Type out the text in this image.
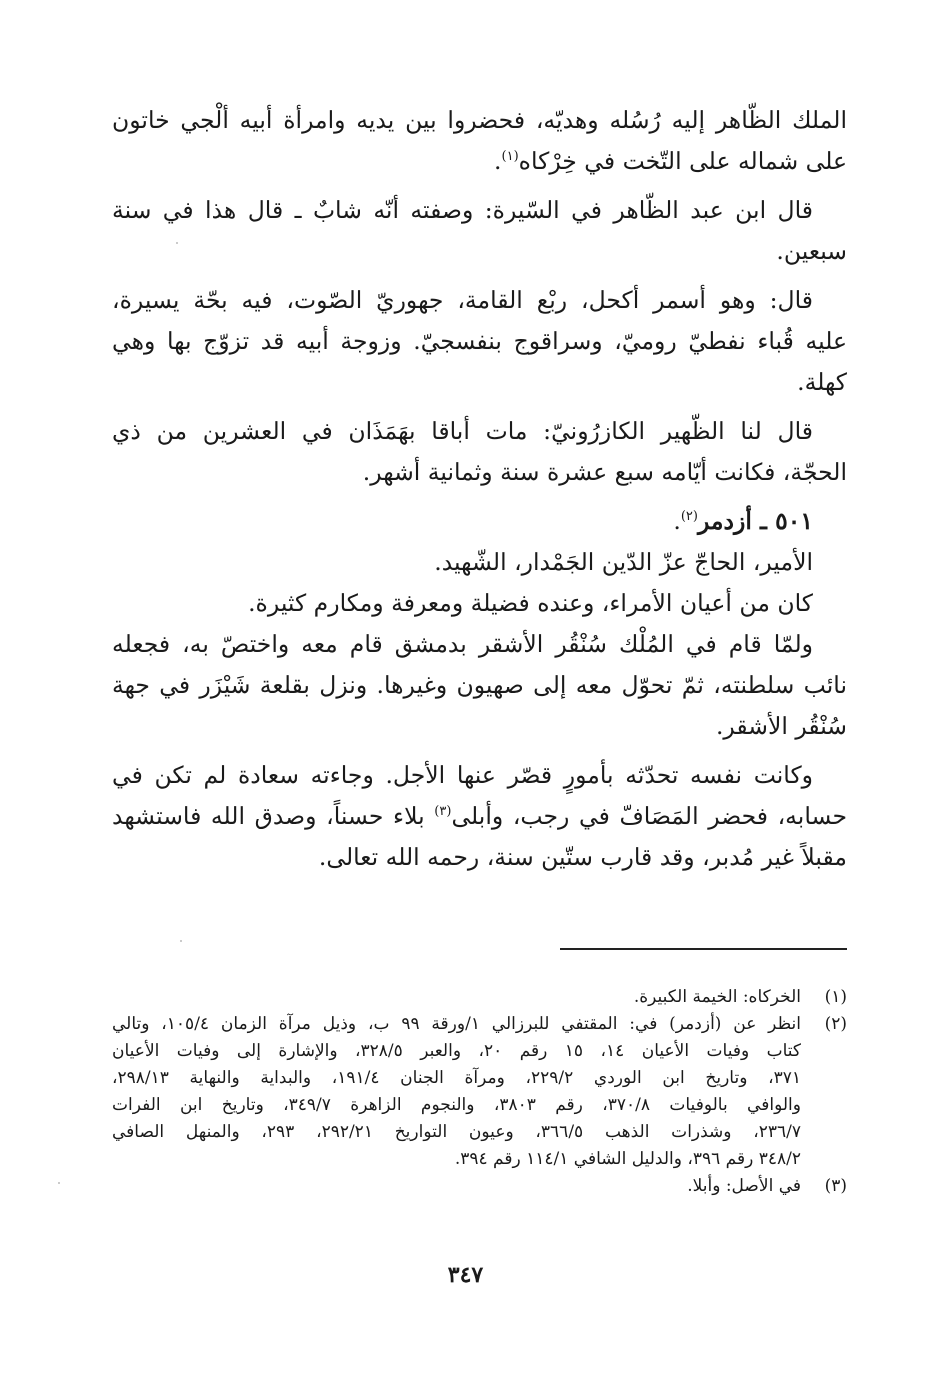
الملك الظّاهر إليه رُسُله وهديّه، فحضروا بين يديه وامرأة أبيه ألْجي خاتون
على شماله على التّخت في خِرْكاه$^{(١)}$.

قال ابن عبد الظّاهر في السّيرة: وصفته أنّه شابٌ ـ قال هذا في سنة
سبعين.

قال: وهو أسمر أكحل، ربْع القامة، جهوريّ الصّوت، فيه بحّة يسيرة،
عليه قُباء نفطيّ روميّ، وسراقوج بنفسجيّ. وزوجة أبيه قد تزوّج بها وهي
كهلة.

قال لنا الظّهير الكازرُونيّ: مات أباقا بهَمَذَان في العشرين من ذي
الحجّة، فكانت أيّامه سبع عشرة سنة وثمانية أشهر.

٥٠١ ـ أزدمر$^{(٢)}$.

الأمير، الحاجّ عزّ الدّين الجَمْدار، الشّهيد.

كان من أعيان الأمراء، وعنده فضيلة ومعرفة ومكارم كثيرة.

ولمّا قام في المُلْك سُنْقُر الأشقر بدمشق قام معه واختصّ به، فجعله
نائب سلطنته، ثمّ تحوّل معه إلى صهيون وغيرها. ونزل بقلعة شَيْزَر في جهة
سُنْقُر الأشقر.

وكانت نفسه تحدّثه بأمورٍ قصّر عنها الأجل. وجاءته سعادة لم تكن في
حسابه، فحضر المَصَافّ في رجب، وأبلى$^{(٣)}$ بلاء حسناً، وصدق الله فاستشهد
مقبلاً غير مُدبر، وقد قارب ستّين سنة، رحمه الله تعالى.

(١)
الخركاه: الخيمة الكبيرة.
(٢)
انظر عن (أزدمر) في: المقتفي للبرزالي ١/ورقة ٩٩ ب، وذيل مرآة الزمان ١٠٥/٤، وتالي
كتاب وفيات الأعيان ١٤، ١٥ رقم ٢٠، والعبر ٣٢٨/٥، والإشارة إلى وفيات الأعيان
٣٧١، وتاريخ ابن الوردي ٢٢٩/٢، ومرآة الجنان ١٩١/٤، والبداية والنهاية ٢٩٨/١٣،
والوافي بالوفيات ٣٧٠/٨، رقم ٣٨٠٣، والنجوم الزاهرة ٣٤٩/٧، وتاريخ ابن الفرات
٢٣٦/٧، وشذرات الذهب ٣٦٦/٥، وعيون التواريخ ٢٩٢/٢١، ٢٩٣، والمنهل الصافي
٣٤٨/٢ رقم ٣٩٦، والدليل الشافي ١١٤/١ رقم ٣٩٤.
(٣)
في الأصل: وأبلا.
٣٤٧
